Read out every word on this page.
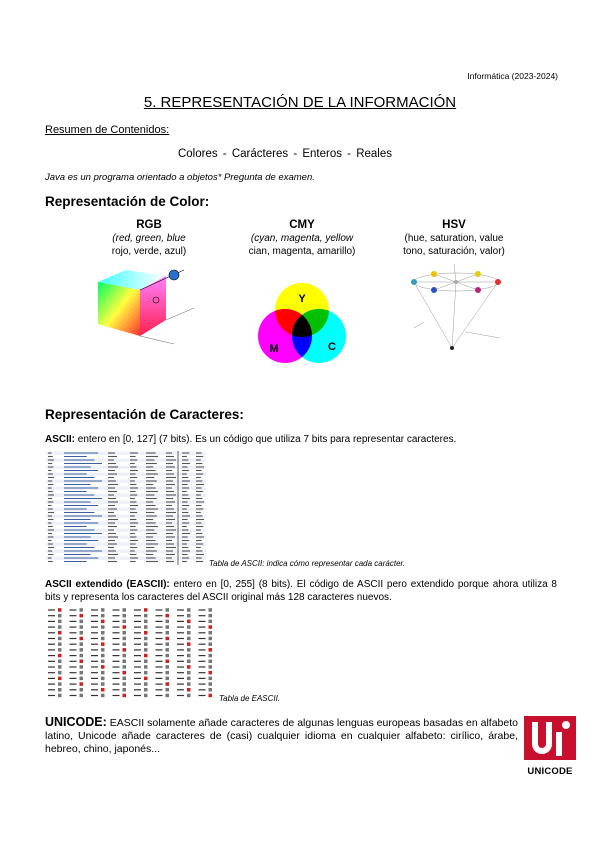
Informática (2023-2024)
5. REPRESENTACIÓN DE LA INFORMACIÓN
Resumen de Contenidos:
Colores - Carácteres - Enteros - Reales
Java es un programa orientado a objetos* Pregunta de examen.
Representación de Color:
RGB
(red, green, blue
rojo, verde, azul)
CMY
(cyan, magenta, yellow
cian, magenta, amarillo)
HSV
(hue, saturation, value
tono, saturación, valor)
Y
M	C
Representación de Caracteres:
ASCII: entero en [0, 127] (7 bits). Es un código que utiliza 7 bits para representar caracteres.
Tabla de ASCII: indica cómo representar cada carácter.
ASCII extendido (EASCII): entero en [0, 255] (8 bits). El código de ASCII pero extendido porque ahora utiliza 8 bits y representa los caracteres del ASCII original más 128 caracteres nuevos.
Tabla de EASCII.
UNICODE: EASCII solamente añade caracteres de algunas lenguas europeas basadas en alfabeto latino, Unicode añade caracteres de (casi) cualquier idioma en cualquier alfabeto: cirílico, árabe, hebreo, chino, japonés...
UNICODE
